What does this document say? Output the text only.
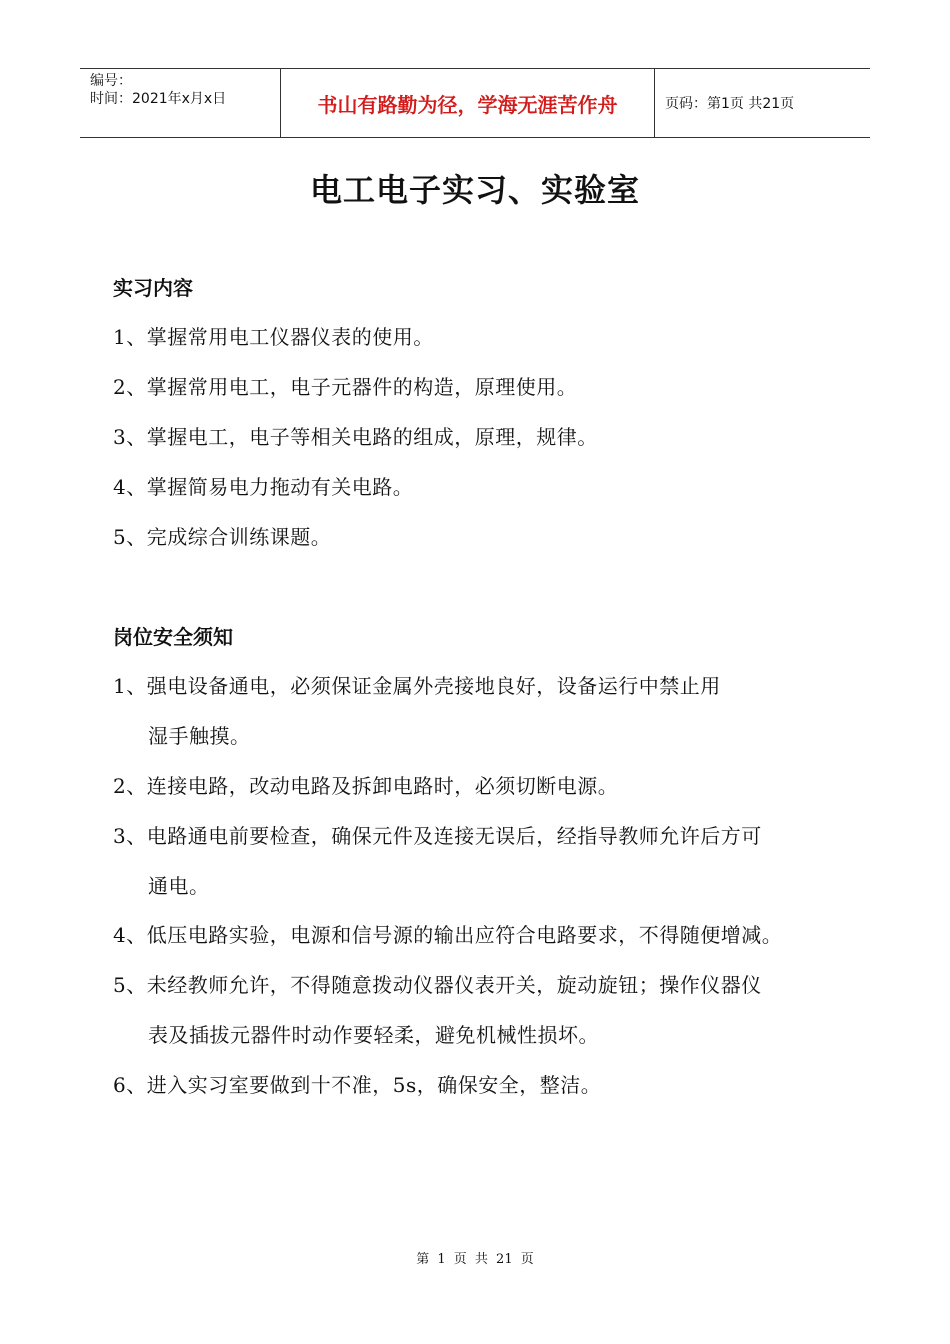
编号：
时间：2021年x月x日	书山有路勤为径，学海无涯苦作舟	页码：第1页 共21页
电工电子实习、实验室
实习内容
1、掌握常用电工仪器仪表的使用。
2、掌握常用电工，电子元器件的构造，原理使用。
3、掌握电工，电子等相关电路的组成，原理，规律。
4、掌握简易电力拖动有关电路。
5、完成综合训练课题。
岗位安全须知
1、强电设备通电，必须保证金属外壳接地良好，设备运行中禁止用
湿手触摸。
2、连接电路，改动电路及拆卸电路时，必须切断电源。
3、电路通电前要检查，确保元件及连接无误后，经指导教师允许后方可
通电。
4、低压电路实验，电源和信号源的输出应符合电路要求，不得随便增减。
5、未经教师允许，不得随意拨动仪器仪表开关，旋动旋钮；操作仪器仪
表及插拔元器件时动作要轻柔，避免机械性损坏。
6、进入实习室要做到十不准，5s，确保安全，整洁。
第 1 页 共 21 页
